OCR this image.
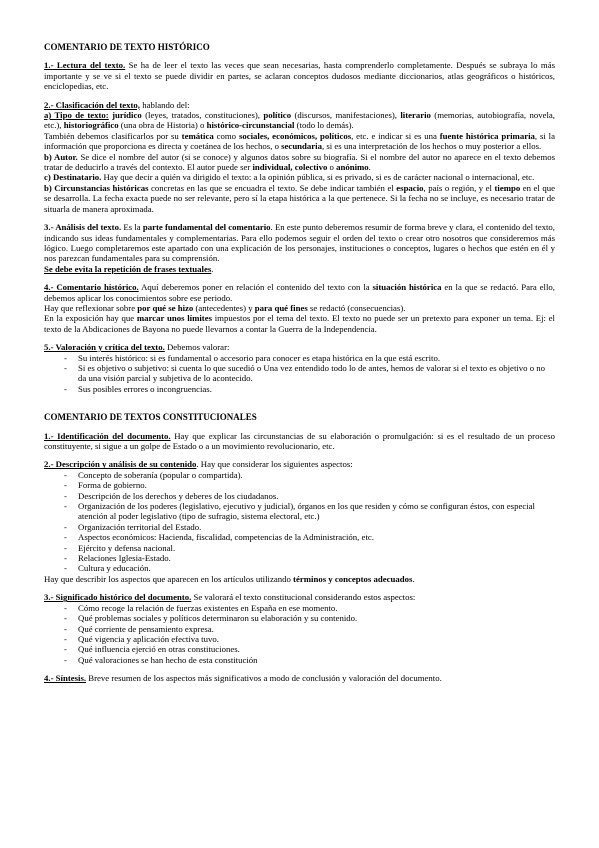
COMENTARIO DE TEXTO HISTÓRICO

1.- Lectura del texto. Se ha de leer el texto las veces que sean necesarias, hasta comprenderlo completamente. Después se subraya lo más importante y se ve si el texto se puede dividir en partes, se aclaran conceptos dudosos mediante diccionarios, atlas geográficos o históricos, enciclopedias, etc.

2.- Clasificación del texto, hablando del:

a) Tipo de texto: jurídico (leyes, tratados, constituciones), político (discursos, manifestaciones), literario (memorias, autobiografía, novela, etc.), historiográfico (una obra de Historia) o histórico-circunstancial (todo lo demás).

También debemos clasificarlos por su temática como sociales, económicos, políticos, etc. e indicar si es una fuente histórica primaria, si la información que proporciona es directa y coetánea de los hechos, o secundaria, si es una interpretación de los hechos o muy posterior a ellos.

b) Autor. Se dice el nombre del autor (si se conoce) y algunos datos sobre su biografía. Si el nombre del autor no aparece en el texto debemos tratar de deducirlo a través del contexto. El autor puede ser individual, colectivo o anónimo.

c) Destinatario. Hay que decir a quién va dirigido el texto: a la opinión pública, si es privado, si es de carácter nacional o internacional, etc.

b) Circunstancias históricas concretas en las que se encuadra el texto. Se debe indicar también el espacio, país o región, y el tiempo en el que se desarrolla. La fecha exacta puede no ser relevante, pero sí la etapa histórica a la que pertenece. Si la fecha no se incluye, es necesario tratar de situarla de manera aproximada.

3.- Análisis del texto. Es la parte fundamental del comentario. En este punto deberemos resumir de forma breve y clara, el contenido del texto, indicando sus ideas fundamentales y complementarias. Para ello podemos seguir el orden del texto o crear otro nosotros que consideremos más lógico. Luego completaremos este apartado con una explicación de los personajes, instituciones o conceptos, lugares o hechos que estén en él y nos parezcan fundamentales para su comprensión.

Se debe evita la repetición de frases textuales.

4.- Comentario histórico. Aquí deberemos poner en relación el contenido del texto con la situación histórica en la que se redactó. Para ello, debemos aplicar los conocimientos sobre ese periodo.

Hay que reflexionar sobre por qué se hizo (antecedentes) y para qué fines se redactó (consecuencias).

En la exposición hay que marcar unos límites impuestos por el tema del texto. El texto no puede ser un pretexto para exponer un tema. Ej: el texto de la Abdicaciones de Bayona no puede llevarnos a contar la Guerra de la Independencia.

5.- Valoración y crítica del texto. Debemos valorar:

- Su interés histórico: si es fundamental o accesorio para conocer es etapa histórica en la que está escrito.
- Si es objetivo o subjetivo: si cuenta lo que sucedió o Una vez entendido todo lo de antes, hemos de valorar si el texto es objetivo o no da una visión parcial y subjetiva de lo acontecido.
- Sus posibles errores o incongruencias.
COMENTARIO DE TEXTOS CONSTITUCIONALES

1.- Identificación del documento. Hay que explicar las circunstancias de su elaboración o promulgación: si es el resultado de un proceso constituyente, si sigue a un golpe de Estado o a un movimiento revolucionario, etc.

2.- Descripción y análisis de su contenido. Hay que considerar los siguientes aspectos:

- Concepto de soberanía (popular o compartida).
- Forma de gobierno.
- Descripción de los derechos y deberes de los ciudadanos.
- Organización de los poderes (legislativo, ejecutivo y judicial), órganos en los que residen y cómo se configuran éstos, con especial atención al poder legislativo (tipo de sufragio, sistema electoral, etc.)
- Organización territorial del Estado.
- Aspectos económicos: Hacienda, fiscalidad, competencias de la Administración, etc.
- Ejército y defensa nacional.
- Relaciones Iglesia-Estado.
- Cultura y educación.

Hay que describir los aspectos que aparecen en los artículos utilizando términos y conceptos adecuados.

3.- Significado histórico del documento. Se valorará el texto constitucional considerando estos aspectos:

- Cómo recoge la relación de fuerzas existentes en España en ese momento.
- Qué problemas sociales y políticos determinaron su elaboración y su contenido.
- Qué corriente de pensamiento expresa.
- Qué vigencia y aplicación efectiva tuvo.
- Qué influencia ejerció en otras constituciones.
- Qué valoraciones se han hecho de esta constitución

4.- Síntesis. Breve resumen de los aspectos más significativos a modo de conclusión y valoración del documento.
